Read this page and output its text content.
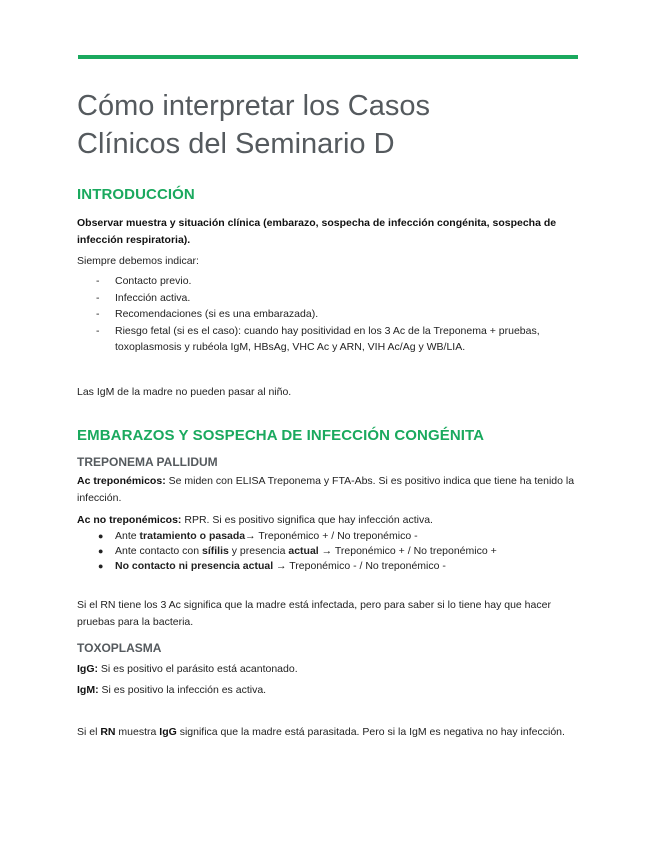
Cómo interpretar los Casos
Clínicos del Seminario D
INTRODUCCIÓN

Observar muestra y situación clínica (embarazo, sospecha de infección congénita, sospecha de infección respiratoria).

Siempre debemos indicar:

- Contacto previo.
- Infección activa.
- Recomendaciones (si es una embarazada).
- Riesgo fetal (si es el caso): cuando hay positividad en los 3 Ac de la Treponema + pruebas, toxoplasmosis y rubéola IgM, HBsAg, VHC Ac y ARN, VIH Ac/Ag y WB/LIA.

Las IgM de la madre no pueden pasar al niño.

EMBARAZOS Y SOSPECHA DE INFECCIÓN CONGÉNITA
TREPONEMA PALLIDUM

Ac treponémicos: Se miden con ELISA Treponema y FTA-Abs. Si es positivo indica que tiene ha tenido la infección.

Ac no treponémicos: RPR. Si es positivo significa que hay infección activa.

● Ante tratamiento o pasada→ Treponémico + / No treponémico -
● Ante contacto con sífilis y presencia actual → Treponémico + / No treponémico +
● No contacto ni presencia actual → Treponémico - / No treponémico -

Si el RN tiene los 3 Ac significa que la madre está infectada, pero para saber si lo tiene hay que hacer pruebas para la bacteria.

TOXOPLASMA

IgG: Si es positivo el parásito está acantonado.

IgM: Si es positivo la infección es activa.

Si el RN muestra IgG significa que la madre está parasitada. Pero si la IgM es negativa no hay infección.
